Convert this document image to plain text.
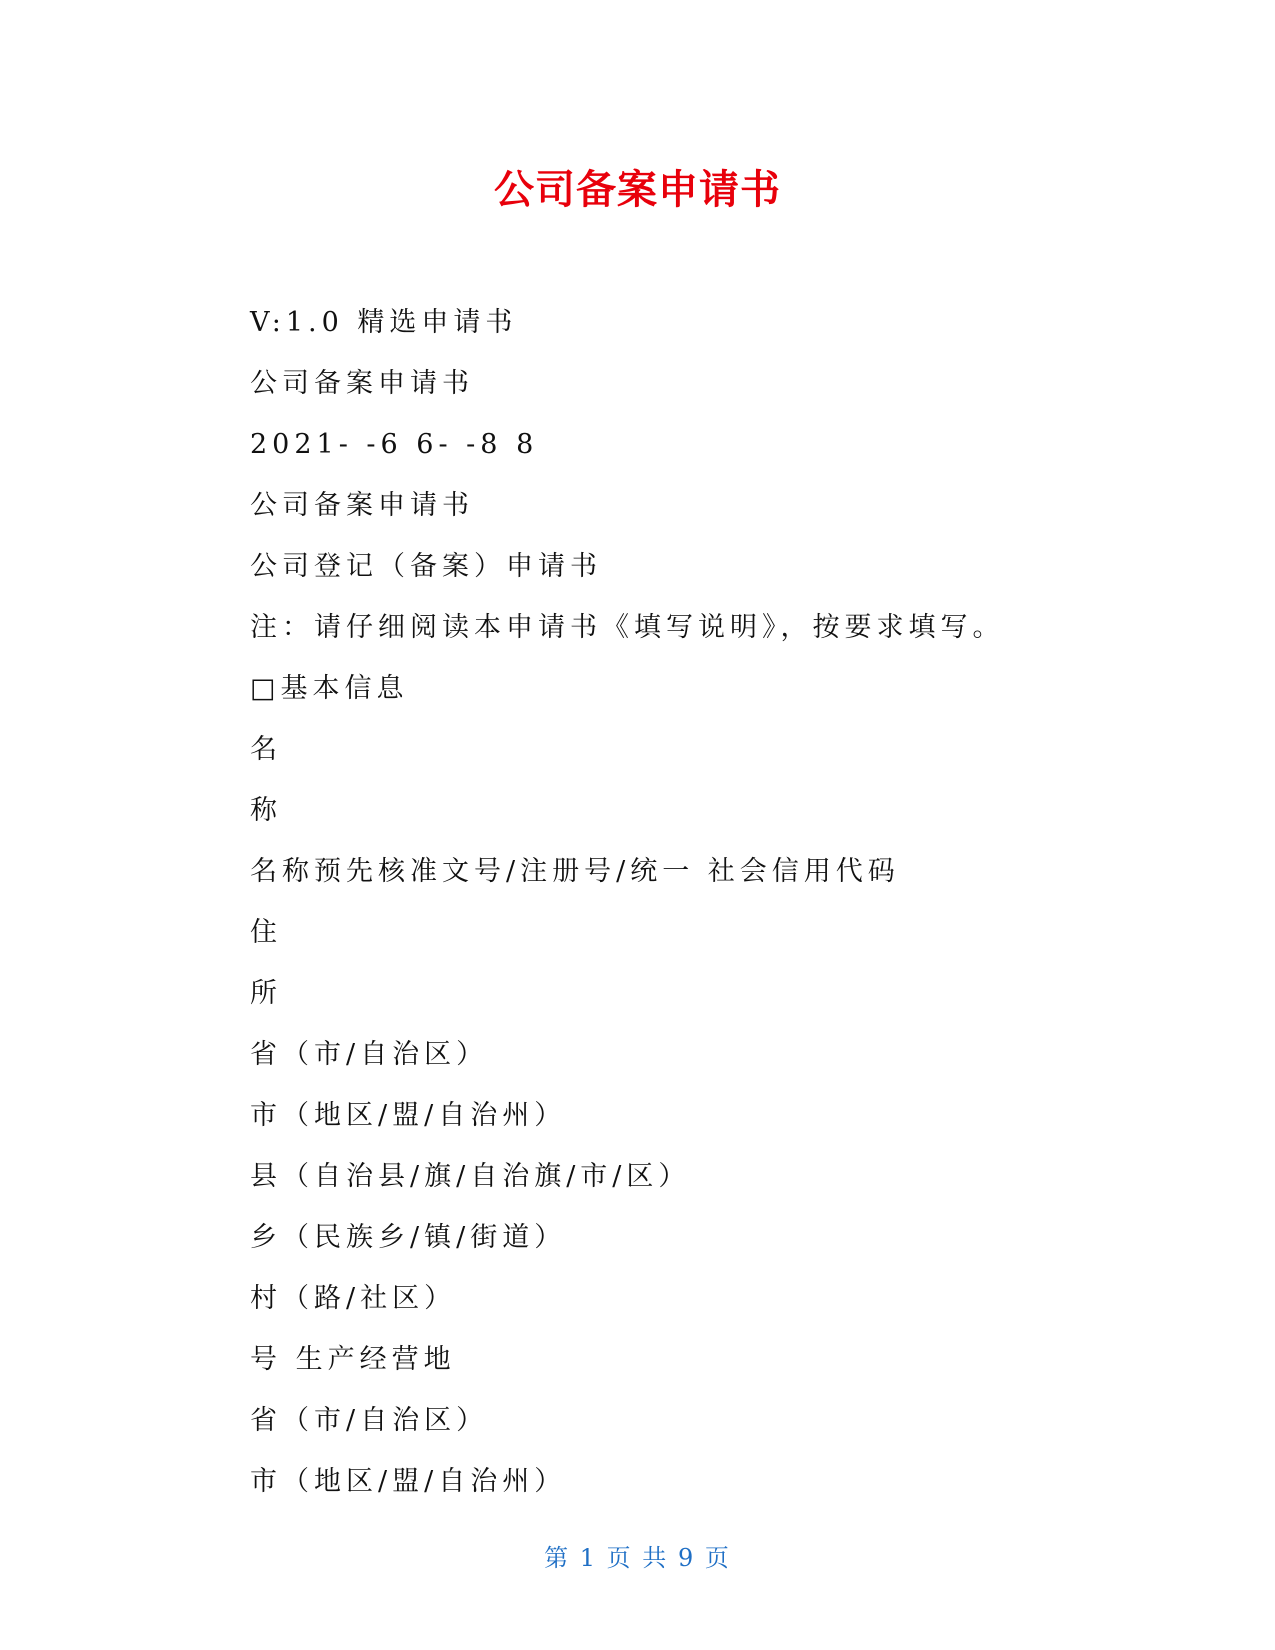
公司备案申请书
V:1.0 精选申请书
公司备案申请书
2021- -6 6- -8 8
公司备案申请书
公司登记（备案）申请书
注：请仔细阅读本申请书《填写说明》，按要求填写。
□基本信息
名
称
名称预先核准文号/注册号/统一 社会信用代码
住
所
省（市/自治区）
市（地区/盟/自治州）
县（自治县/旗/自治旗/市/区）
乡（民族乡/镇/街道）
村（路/社区）
号 生产经营地
省（市/自治区）
市（地区/盟/自治州）
第 1 页 共 9 页
